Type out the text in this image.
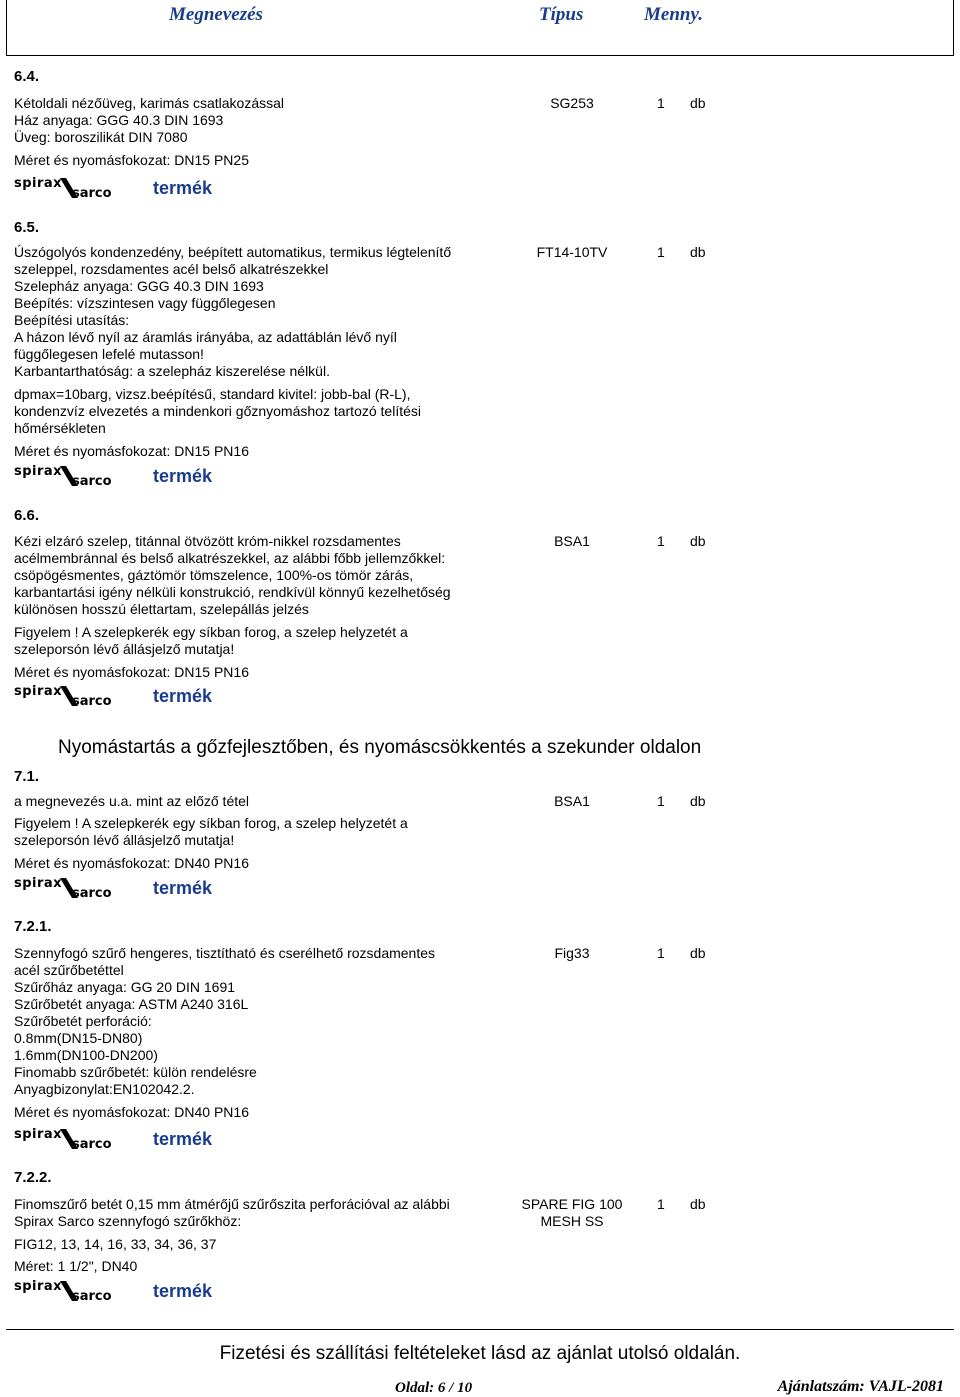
Megnevezés	Típus	Menny.
Nyomástartás a gőzfejlesztőben, és nyomáscsökkentés a szekunder oldalon
6.4.
Kétoldali nézőüveg, karimás csatlakozással
Ház anyaga: GGG 40.3 DIN 1693
Üveg: boroszilikát DIN 7080
Méret és nyomásfokozat: DN15 PN25
SG253	1 db
spirax
sarco termék
6.5.
Úszógolyós kondenzedény, beépített automatikus, termikus légtelenítő
szeleppel, rozsdamentes acél belső alkatrészekkel
Szelepház anyaga: GGG 40.3 DIN 1693
Beépítés: vízszintesen vagy függőlegesen
Beépítési utasítás:
A házon lévő nyíl az áramlás irányába, az adattáblán lévő nyíl
függőlegesen lefelé mutasson!
Karbantarthatóság: a szelepház kiszerelése nélkül.
dpmax=10barg, vizsz.beépítésű, standard kivitel: jobb-bal (R-L),
kondenzvíz elvezetés a mindenkori gőznyomáshoz tartozó telítési
hőmérsékleten
Méret és nyomásfokozat: DN15 PN16
FT14-10TV	1 db
spirax
sarco termék
6.6.
Kézi elzáró szelep, titánnal ötvözött króm-nikkel rozsdamentes
acélmembránnal és belső alkatrészekkel, az alábbi főbb jellemzőkkel:
csöpögésmentes, gáztömör tömszelence, 100%-os tömör zárás,
karbantartási igény nélküli konstrukció, rendkívül könnyű kezelhetőség
különösen hosszú élettartam, szelepállás jelzés
Figyelem ! A szelepkerék egy síkban forog, a szelep helyzetét a
szeleporsón lévő állásjelző mutatja!
Méret és nyomásfokozat: DN15 PN16
BSA1	1 db
spirax
sarco termék
7.1.
a megnevezés u.a. mint az előző tétel
Figyelem ! A szelepkerék egy síkban forog, a szelep helyzetét a
szeleporsón lévő állásjelző mutatja!
Méret és nyomásfokozat: DN40 PN16
BSA1	1 db
spirax
sarco termék
7.2.1.
Szennyfogó szűrő hengeres, tisztítható és cserélhető rozsdamentes
acél szűrőbetéttel
Szűrőház anyaga: GG 20 DIN 1691
Szűrőbetét anyaga: ASTM A240 316L
Szűrőbetét perforáció:
0.8mm(DN15-DN80)
1.6mm(DN100-DN200)
Finomabb szűrőbetét: külön rendelésre
Anyagbizonylat:EN102042.2.
Méret és nyomásfokozat: DN40 PN16
Fig33	1 db
spirax
sarco termék
7.2.2.
Finomszűrő betét 0,15 mm átmérőjű szűrőszita perforációval az alábbi
Spirax Sarco szennyfogó szűrőkhöz:
FIG12, 13, 14, 16, 33, 34, 36, 37
Méret: 1 1/2", DN40
SPARE FIG 100
MESH SS
1 db
spirax
sarco termék
Fizetési és szállítási feltételeket lásd az ajánlat utolsó oldalán.
Oldal: 6 / 10	Ajánlatszám: VAJL-2081
